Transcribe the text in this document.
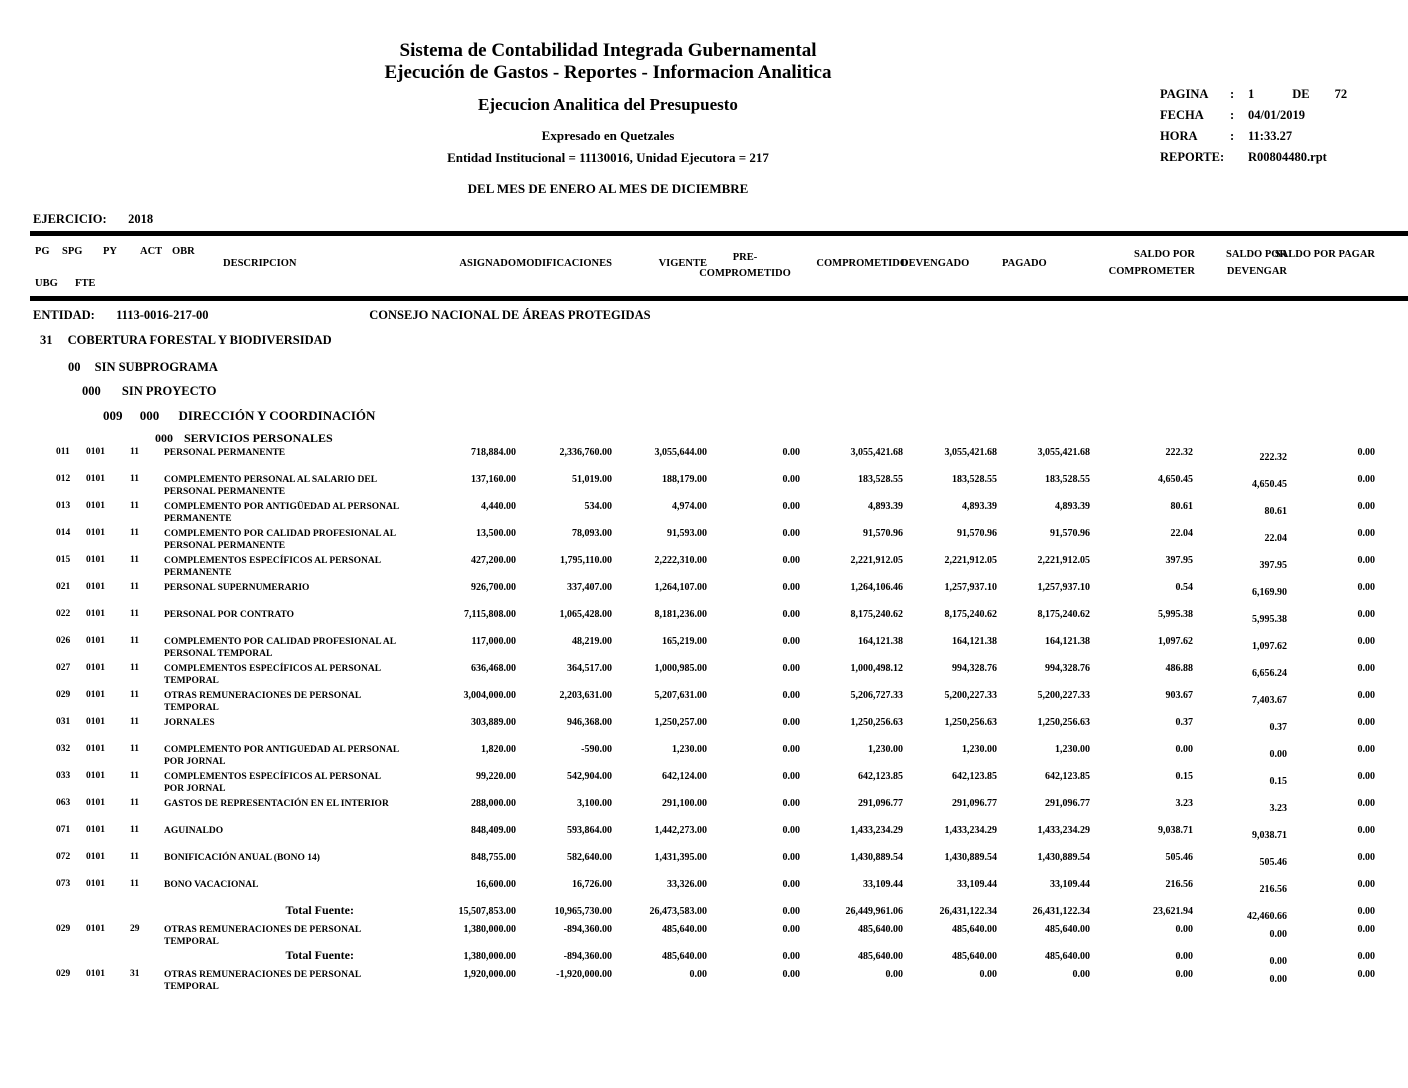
Sistema de Contabilidad Integrada Gubernamental
Ejecución de Gastos - Reportes - Informacion Analitica
Ejecucion Analitica del Presupuesto
Expresado en Quetzales
Entidad Institucional = 11130016, Unidad Ejecutora = 217
DEL MES DE ENERO AL MES DE DICIEMBRE
PAGINA	:	1	DE 72
FECHA	:	04/01/2019
HORA	:	11:33.27
REPORTE:	R00804480.rpt
EJERCICIO: 2018
PG SPG PY ACT OBR
UBG FTE
DESCRIPCION	ASIGNADO MODIFICACIONES	VIGENTE
PRE-
COMPROMETIDO
COMPROMETIDO
DEVENGADO	PAGADO
SALDO POR COMPROMETER
SALDO POR DEVENGAR
SALDO POR PAGAR
ENTIDAD: 1113-0016-217-00	CONSEJO NACIONAL DE ÁREAS PROTEGIDAS
31 COBERTURA FORESTAL Y BIODIVERSIDAD
00 SIN SUBPROGRAMA
000 SIN PROYECTO
009 000 DIRECCIÓN Y COORDINACIÓN
000 SERVICIOS PERSONALES
011	0101	11	PERSONAL PERMANENTE	718,884.00	2,336,760.00	3,055,644.00	0.00	3,055,421.68	3,055,421.68	3,055,421.68	222.32	222.32	0.00
012	0101	11	COMPLEMENTO PERSONAL AL SALARIO DEL PERSONAL PERMANENTE
137,160.00	51,019.00	188,179.00	0.00	183,528.55	183,528.55	183,528.55	4,650.45	4,650.45	0.00
013	0101	11	COMPLEMENTO POR ANTIGÜEDAD AL PERSONAL PERMANENTE
4,440.00	534.00	4,974.00	0.00	4,893.39	4,893.39	4,893.39	80.61	80.61	0.00
014	0101	11	COMPLEMENTO POR CALIDAD PROFESIONAL AL PERSONAL PERMANENTE
13,500.00	78,093.00	91,593.00	0.00	91,570.96	91,570.96	91,570.96	22.04	22.04	0.00
015	0101	11	COMPLEMENTOS ESPECÍFICOS AL PERSONAL PERMANENTE
427,200.00	1,795,110.00	2,222,310.00	0.00	2,221,912.05	2,221,912.05	2,221,912.05	397.95	397.95	0.00
021	0101	11	PERSONAL SUPERNUMERARIO	926,700.00	337,407.00	1,264,107.00	0.00	1,264,106.46	1,257,937.10	1,257,937.10	0.54	6,169.90	0.00
022	0101	11	PERSONAL POR CONTRATO	7,115,808.00	1,065,428.00	8,181,236.00	0.00	8,175,240.62	8,175,240.62	8,175,240.62	5,995.38	5,995.38	0.00
026	0101	11	COMPLEMENTO POR CALIDAD PROFESIONAL AL PERSONAL TEMPORAL
117,000.00	48,219.00	165,219.00	0.00	164,121.38	164,121.38	164,121.38	1,097.62	1,097.62	0.00
027	0101	11	COMPLEMENTOS ESPECÍFICOS AL PERSONAL TEMPORAL
636,468.00	364,517.00	1,000,985.00	0.00	1,000,498.12	994,328.76	994,328.76	486.88	6,656.24	0.00
029	0101	11	OTRAS REMUNERACIONES DE PERSONAL TEMPORAL
3,004,000.00	2,203,631.00	5,207,631.00	0.00	5,206,727.33	5,200,227.33	5,200,227.33	903.67	7,403.67	0.00
031	0101	11	JORNALES	303,889.00	946,368.00	1,250,257.00	0.00	1,250,256.63	1,250,256.63	1,250,256.63	0.37	0.37	0.00
032	0101	11	COMPLEMENTO POR ANTIGUEDAD AL PERSONAL POR JORNAL
1,820.00	-590.00	1,230.00	0.00	1,230.00	1,230.00	1,230.00	0.00	0.00	0.00
033	0101	11	COMPLEMENTOS ESPECÍFICOS AL PERSONAL POR JORNAL
99,220.00	542,904.00	642,124.00	0.00	642,123.85	642,123.85	642,123.85	0.15	0.15	0.00
063	0101	11	GASTOS DE REPRESENTACIÓN EN EL INTERIOR	288,000.00	3,100.00	291,100.00	0.00	291,096.77	291,096.77	291,096.77	3.23	3.23	0.00
071	0101	11	AGUINALDO	848,409.00	593,864.00	1,442,273.00	0.00	1,433,234.29	1,433,234.29	1,433,234.29	9,038.71	9,038.71	0.00
072	0101	11	BONIFICACIÓN ANUAL (BONO 14)	848,755.00	582,640.00	1,431,395.00	0.00	1,430,889.54	1,430,889.54	1,430,889.54	505.46	505.46	0.00
073	0101	11	BONO VACACIONAL	16,600.00	16,726.00	33,326.00	0.00	33,109.44	33,109.44	33,109.44	216.56	216.56	0.00
Total Fuente:	15,507,853.00	10,965,730.00	26,473,583.00	0.00	26,449,961.06	26,431,122.34	26,431,122.34	23,621.94	42,460.66	0.00
029	0101	29	OTRAS REMUNERACIONES DE PERSONAL TEMPORAL
1,380,000.00	-894,360.00	485,640.00	0.00	485,640.00	485,640.00	485,640.00	0.00	0.00	0.00
Total Fuente:	1,380,000.00	-894,360.00	485,640.00	0.00	485,640.00	485,640.00	485,640.00	0.00	0.00	0.00
029	0101	31	OTRAS REMUNERACIONES DE PERSONAL TEMPORAL
1,920,000.00	-1,920,000.00	0.00	0.00	0.00	0.00	0.00	0.00	0.00	0.00
